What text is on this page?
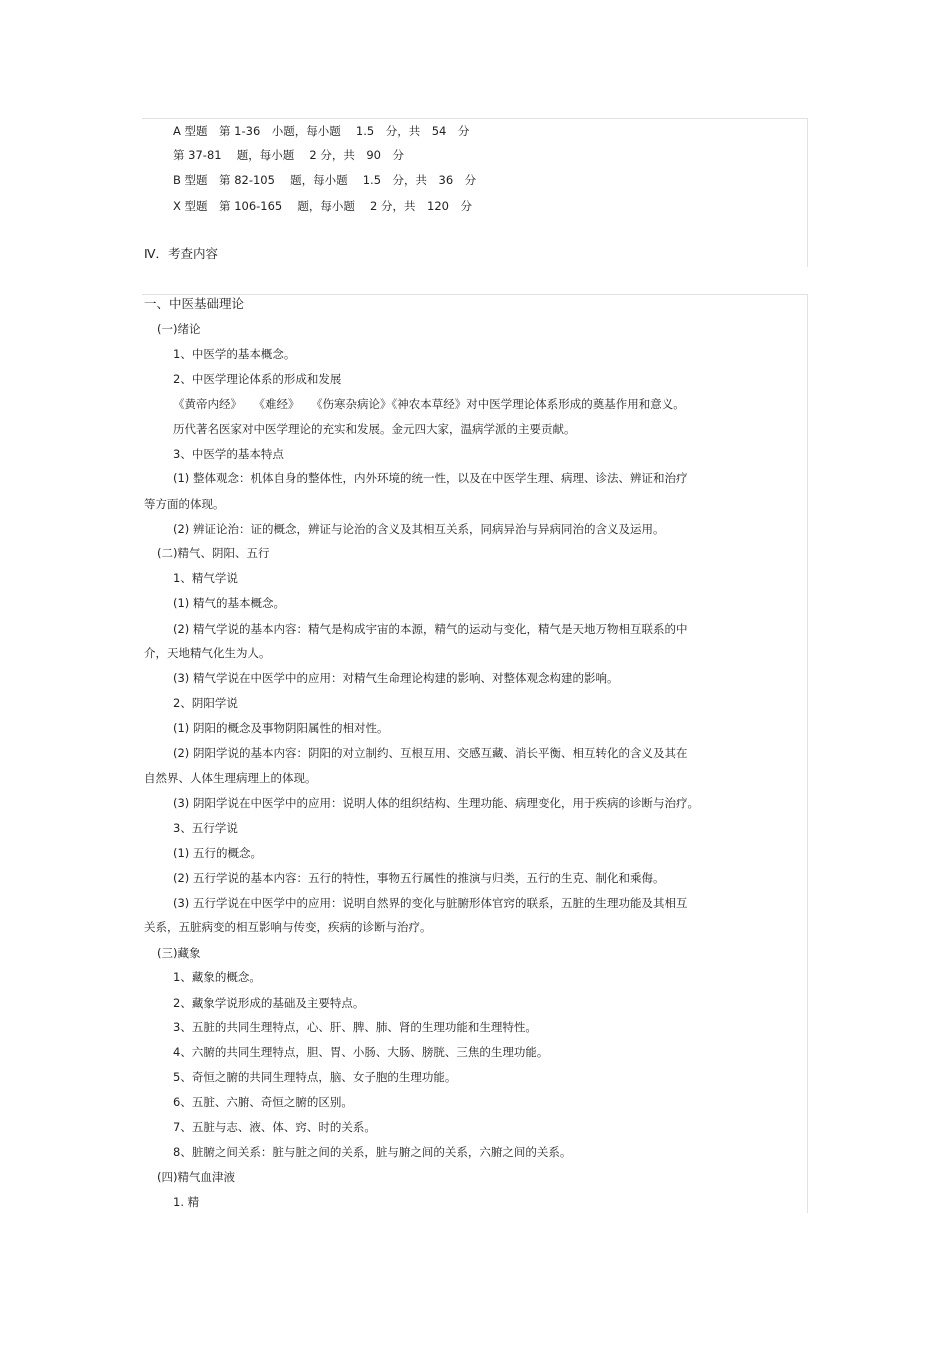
A 型题　第 1-36　小题，每小题　 1.5　分，共　54　分
第 37-81　 题，每小题　 2 分，共　90　分
B 型题　第 82-105　 题，每小题　 1.5　分，共　36　分
X 型题　第 106-165　 题，每小题　 2 分，共　120　分
Ⅳ．考查内容
一、中医基础理论
(一)绪论
1、中医学的基本概念。
2、中医学理论体系的形成和发展
《黄帝内经》　　《难经》　　《伤寒杂病论》《神农本草经》对中医学理论体系形成的奠基作用和意义。
历代著名医家对中医学理论的充实和发展。金元四大家，温病学派的主要贡献。
3、中医学的基本特点
(1) 整体观念：机体自身的整体性，内外环境的统一性，以及在中医学生理、病理、诊法、辨证和治疗
等方面的体现。
(2) 辨证论治：证的概念，辨证与论治的含义及其相互关系，同病异治与异病同治的含义及运用。
(二)精气、阴阳、五行
1、精气学说
(1) 精气的基本概念。
(2) 精气学说的基本内容：精气是构成宇宙的本源，精气的运动与变化，精气是天地万物相互联系的中
介，天地精气化生为人。
(3) 精气学说在中医学中的应用：对精气生命理论构建的影响、对整体观念构建的影响。
2、阴阳学说
(1) 阴阳的概念及事物阴阳属性的相对性。
(2) 阴阳学说的基本内容：阴阳的对立制约、互根互用、交感互藏、消长平衡、相互转化的含义及其在
自然界、人体生理病理上的体现。
(3) 阴阳学说在中医学中的应用：说明人体的组织结构、生理功能、病理变化，用于疾病的诊断与治疗。
3、五行学说
(1) 五行的概念。
(2) 五行学说的基本内容：五行的特性，事物五行属性的推演与归类，五行的生克、制化和乘侮。
(3) 五行学说在中医学中的应用：说明自然界的变化与脏腑形体官窍的联系，五脏的生理功能及其相互
关系，五脏病变的相互影响与传变，疾病的诊断与治疗。
(三)藏象
1、藏象的概念。
2、藏象学说形成的基础及主要特点。
3、五脏的共同生理特点，心、肝、脾、肺、肾的生理功能和生理特性。
4、六腑的共同生理特点，胆、胃、小肠、大肠、膀胱、三焦的生理功能。
5、奇恒之腑的共同生理特点，脑、女子胞的生理功能。
6、五脏、六腑、奇恒之腑的区别。
7、五脏与志、液、体、窍、时的关系。
8、脏腑之间关系：脏与脏之间的关系，脏与腑之间的关系，六腑之间的关系。
(四)精气血津液
1. 精
